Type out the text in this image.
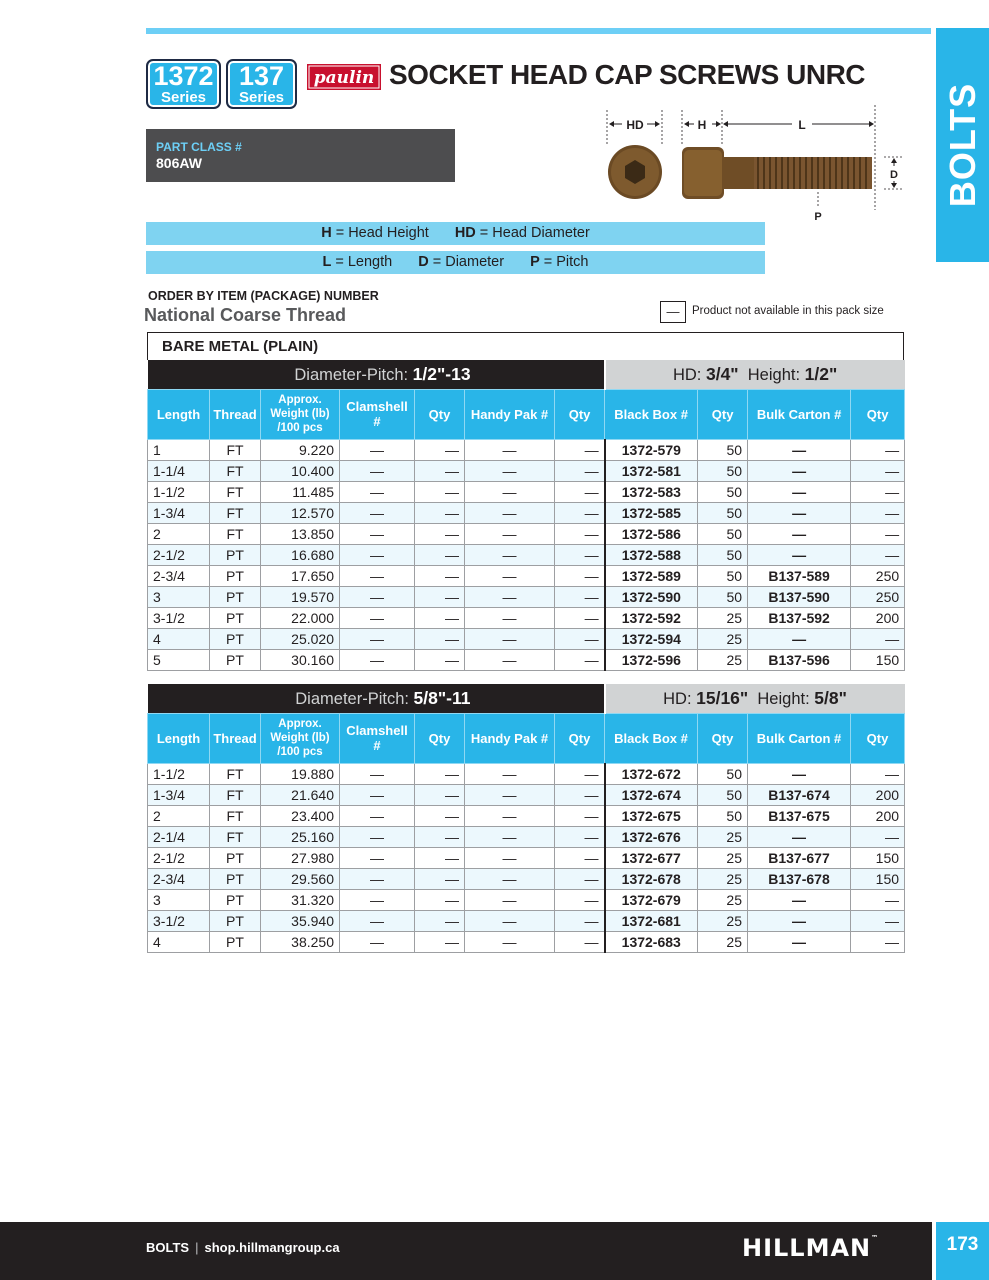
BOLTS
1372
Series
137
Series
paulin SOCKET HEAD CAP SCREWS UNRC
PART CLASS #
806AW
HD	H	L
P
D
H = Head Height HD = Head Diameter
L = Length D = Diameter P = Pitch
ORDER BY ITEM (PACKAGE) NUMBER
National Coarse Thread	—	Product not available in this pack size
BARE METAL (PLAIN)
Diameter-Pitch: 1/2"-13							HD: 3/4"  Height: 1/2"			
Length	Thread	Approx. Weight (lb) /100 pcs	Clamshell #	Qty	Handy Pak #	Qty	Black Box #	Qty	Bulk Carton #	Qty
1	FT	9.220	—	—	—	—	1372-579	50	—	—
1-1/4	FT	10.400	—	—	—	—	1372-581	50	—	—
1-1/2	FT	11.485	—	—	—	—	1372-583	50	—	—
1-3/4	FT	12.570	—	—	—	—	1372-585	50	—	—
2	FT	13.850	—	—	—	—	1372-586	50	—	—
2-1/2	PT	16.680	—	—	—	—	1372-588	50	—	—
2-3/4	PT	17.650	—	—	—	—	1372-589	50	B137-589	250
3	PT	19.570	—	—	—	—	1372-590	50	B137-590	250
3-1/2	PT	22.000	—	—	—	—	1372-592	25	B137-592	200
4	PT	25.020	—	—	—	—	1372-594	25	—	—
5	PT	30.160	—	—	—	—	1372-596	25	B137-596	150
Diameter-Pitch: 5/8"-11							HD: 15/16"  Height: 5/8"			
Length	Thread	Approx. Weight (lb) /100 pcs	Clamshell #	Qty	Handy Pak #	Qty	Black Box #	Qty	Bulk Carton #	Qty
1-1/2	FT	19.880	—	—	—	—	1372-672	50	—	—
1-3/4	FT	21.640	—	—	—	—	1372-674	50	B137-674	200
2	FT	23.400	—	—	—	—	1372-675	50	B137-675	200
2-1/4	FT	25.160	—	—	—	—	1372-676	25	—	—
2-1/2	PT	27.980	—	—	—	—	1372-677	25	B137-677	150
2-3/4	PT	29.560	—	—	—	—	1372-678	25	B137-678	150
3	PT	31.320	—	—	—	—	1372-679	25	—	—
3-1/2	PT	35.940	—	—	—	—	1372-681	25	—	—
4	PT	38.250	—	—	—	—	1372-683	25	—	—
BOLTS | shop.hillmangroup.ca	HILLMAN™	173
